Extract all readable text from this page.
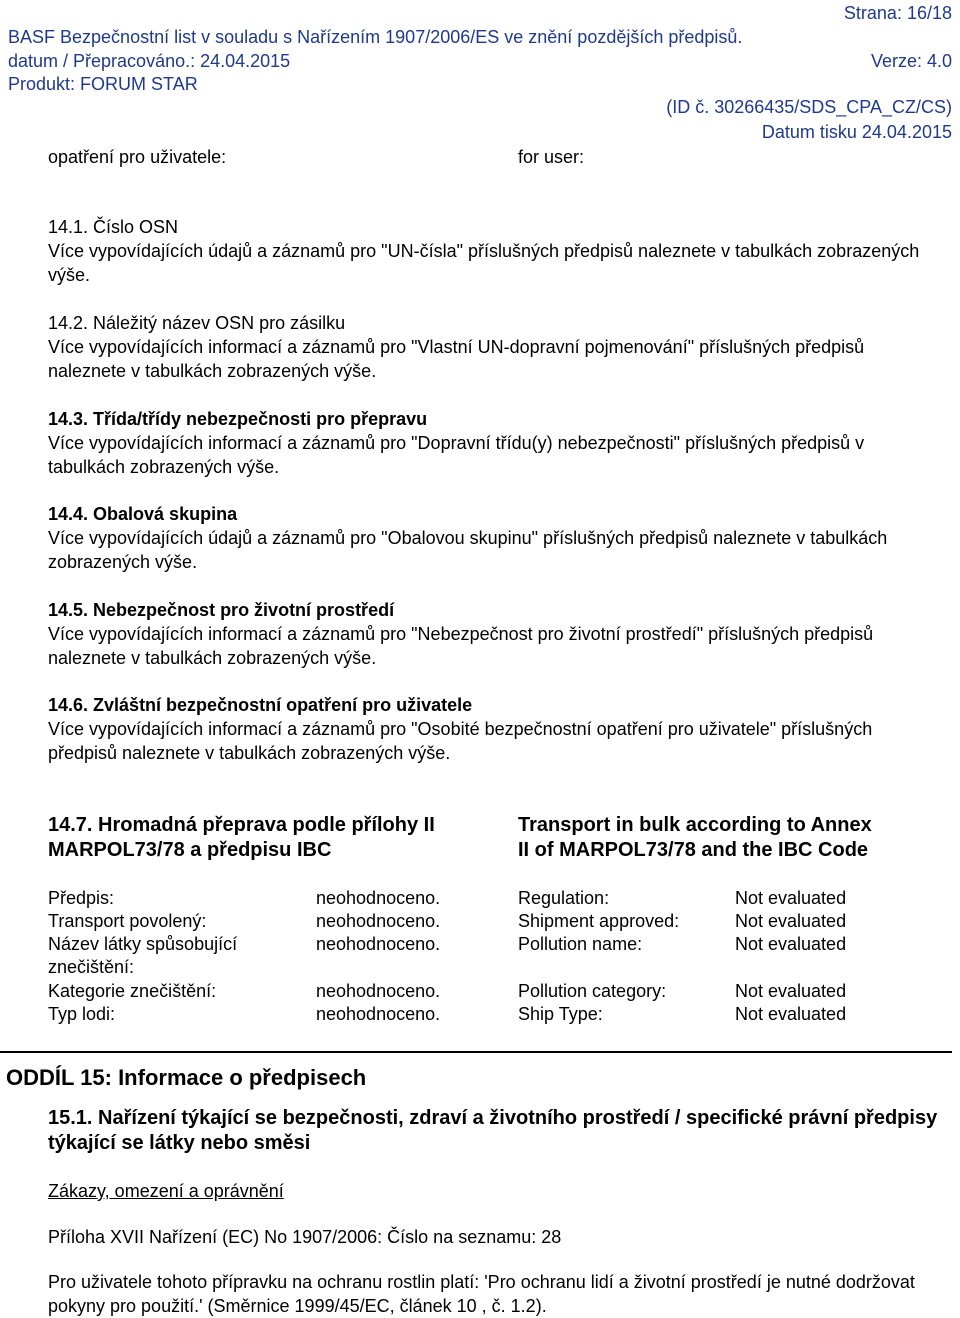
Strana: 16/18
BASF Bezpečnostní list v souladu s Nařízením 1907/2006/ES ve znění pozdějších předpisů.
datum / Přepracováno.: 24.04.2015	Verze: 4.0
Produkt: FORUM STAR
(ID č. 30266435/SDS_CPA_CZ/CS)
Datum tisku 24.04.2015
opatření pro uživatele:	for user:
14.1. Číslo OSN
Více vypovídajících údajů a záznamů pro "UN-čísla" příslušných předpisů naleznete v tabulkách zobrazených výše.
14.2. Náležitý název OSN pro zásilku
Více vypovídajících informací a záznamů pro "Vlastní UN-dopravní pojmenování" příslušných předpisů naleznete v tabulkách zobrazených výše.
14.3. Třída/třídy nebezpečnosti pro přepravu
Více vypovídajících informací a záznamů pro "Dopravní třídu(y) nebezpečnosti" příslušných předpisů v tabulkách zobrazených výše.
14.4. Obalová skupina
Více vypovídajících údajů a záznamů pro "Obalovou skupinu" příslušných předpisů naleznete v tabulkách zobrazených výše.
14.5. Nebezpečnost pro životní prostředí
Více vypovídajících informací a záznamů pro "Nebezpečnost pro životní prostředí" příslušných předpisů naleznete v tabulkách zobrazených výše.
14.6. Zvláštní bezpečnostní opatření pro uživatele
Více vypovídajících informací a záznamů pro "Osobité bezpečnostní opatření pro uživatele" příslušných předpisů naleznete v tabulkách zobrazených výše.
14.7. Hromadná přeprava podle přílohy II
MARPOL73/78 a předpisu IBC
Transport in bulk according to Annex
II of MARPOL73/78 and the IBC Code
Předpis:	neohodnoceno.	Regulation:	Not evaluated
Transport povolený:	neohodnoceno.	Shipment approved:	Not evaluated
Název látky spůsobující
znečištění:
neohodnoceno.	Pollution name:	Not evaluated
Kategorie znečištění:	neohodnoceno.	Pollution category:	Not evaluated
Typ lodi:	neohodnoceno.	Ship Type:	Not evaluated
ODDÍL 15: Informace o předpisech
15.1. Nařízení týkající se bezpečnosti, zdraví a životního prostředí / specifické právní předpisy týkající se látky nebo směsi
Zákazy, omezení a oprávnění
Příloha XVII Nařízení (EC) No 1907/2006: Číslo na seznamu: 28
Pro uživatele tohoto přípravku na ochranu rostlin platí: 'Pro ochranu lidí a životní prostředí je nutné dodržovat pokyny pro použití.' (Směrnice 1999/45/EC, článek 10 , č. 1.2).
